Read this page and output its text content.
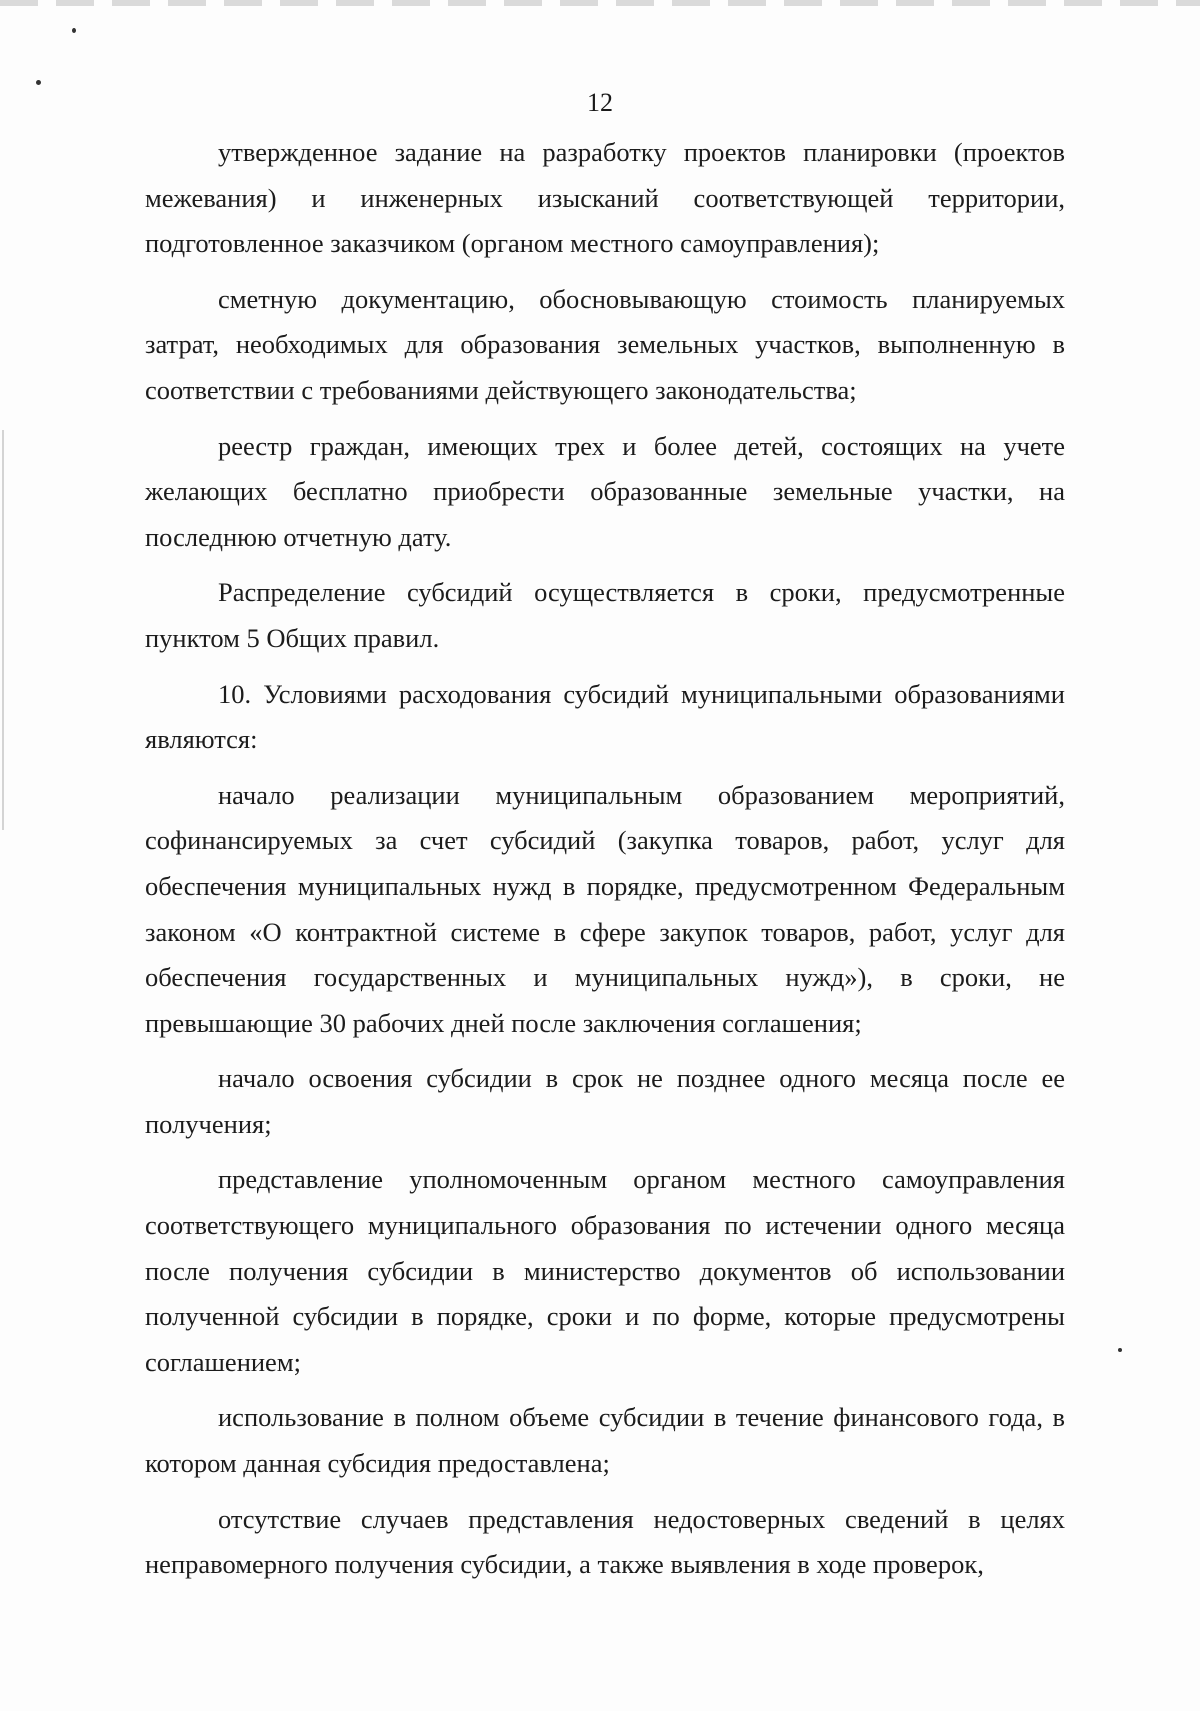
12

утвержденное задание на разработку проектов планировки (проектов межевания) и инженерных изысканий соответствующей территории, подготовленное заказчиком (органом местного самоуправления);

сметную документацию, обосновывающую стоимость планируемых затрат, необходимых для образования земельных участков, выполненную в соответствии с требованиями действующего законодательства;

реестр граждан, имеющих трех и более детей, состоящих на учете желающих бесплатно приобрести образованные земельные участки, на последнюю отчетную дату.

Распределение субсидий осуществляется в сроки, предусмотренные пунктом 5 Общих правил.

10. Условиями расходования субсидий муниципальными образованиями являются:

начало реализации муниципальным образованием мероприятий, софинансируемых за счет субсидий (закупка товаров, работ, услуг для обеспечения муниципальных нужд в порядке, предусмотренном Федеральным законом «О контрактной системе в сфере закупок товаров, работ, услуг для обеспечения государственных и муниципальных нужд»), в сроки, не превышающие 30 рабочих дней после заключения соглашения;

начало освоения субсидии в срок не позднее одного месяца после ее получения;

представление уполномоченным органом местного самоуправления соответствующего муниципального образования по истечении одного месяца после получения субсидии в министерство документов об использовании полученной субсидии в порядке, сроки и по форме, которые предусмотрены соглашением;

использование в полном объеме субсидии в течение финансового года, в котором данная субсидия предоставлена;

отсутствие случаев представления недостоверных сведений в целях неправомерного получения субсидии, а также выявления в ходе проверок,
